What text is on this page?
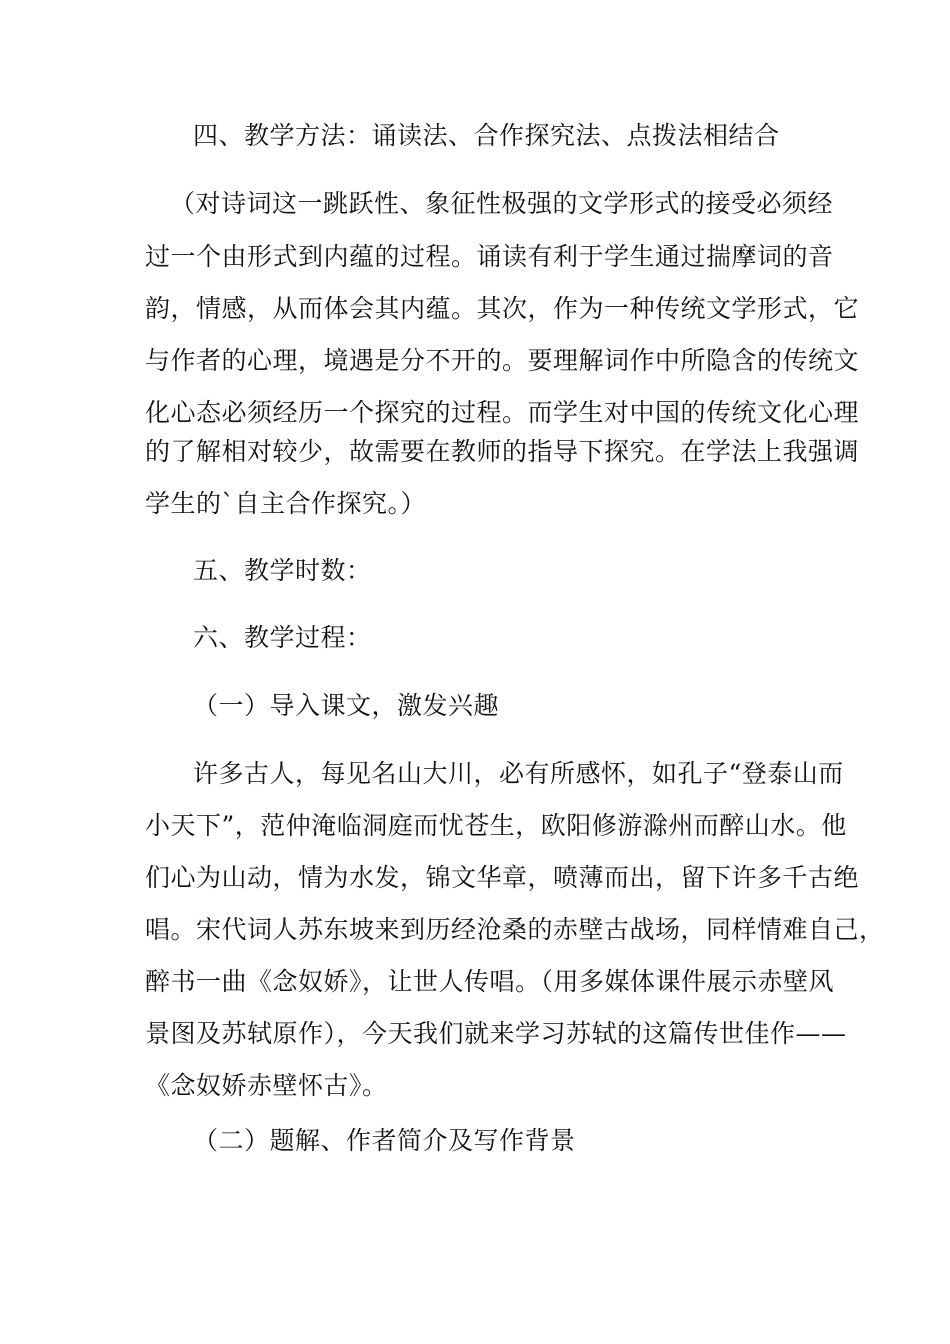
四、教学方法：诵读法、合作探究法、点拨法相结合
（对诗词这一跳跃性、象征性极强的文学形式的接受必须经
过一个由形式到内蕴的过程。诵读有利于学生通过揣摩词的音
韵，情感，从而体会其内蕴。其次，作为一种传统文学形式，它
与作者的心理，境遇是分不开的。要理解词作中所隐含的传统文
化心态必须经历一个探究的过程。而学生对中国的传统文化心理
的了解相对较少，故需要在教师的指导下探究。在学法上我强调
学生的`自主合作探究。）
五、教学时数：
六、教学过程：
（一）导入课文，激发兴趣
许多古人，每见名山大川，必有所感怀，如孔子“登泰山而
小天下”，范仲淹临洞庭而忧苍生，欧阳修游滁州而醉山水。他
们心为山动，情为水发，锦文华章，喷薄而出，留下许多千古绝
唱。宋代词人苏东坡来到历经沧桑的赤壁古战场，同样情难自己，
醉书一曲《念奴娇》，让世人传唱。（用多媒体课件展示赤壁风
景图及苏轼原作），今天我们就来学习苏轼的这篇传世佳作——
《念奴娇赤壁怀古》。
（二）题解、作者简介及写作背景
